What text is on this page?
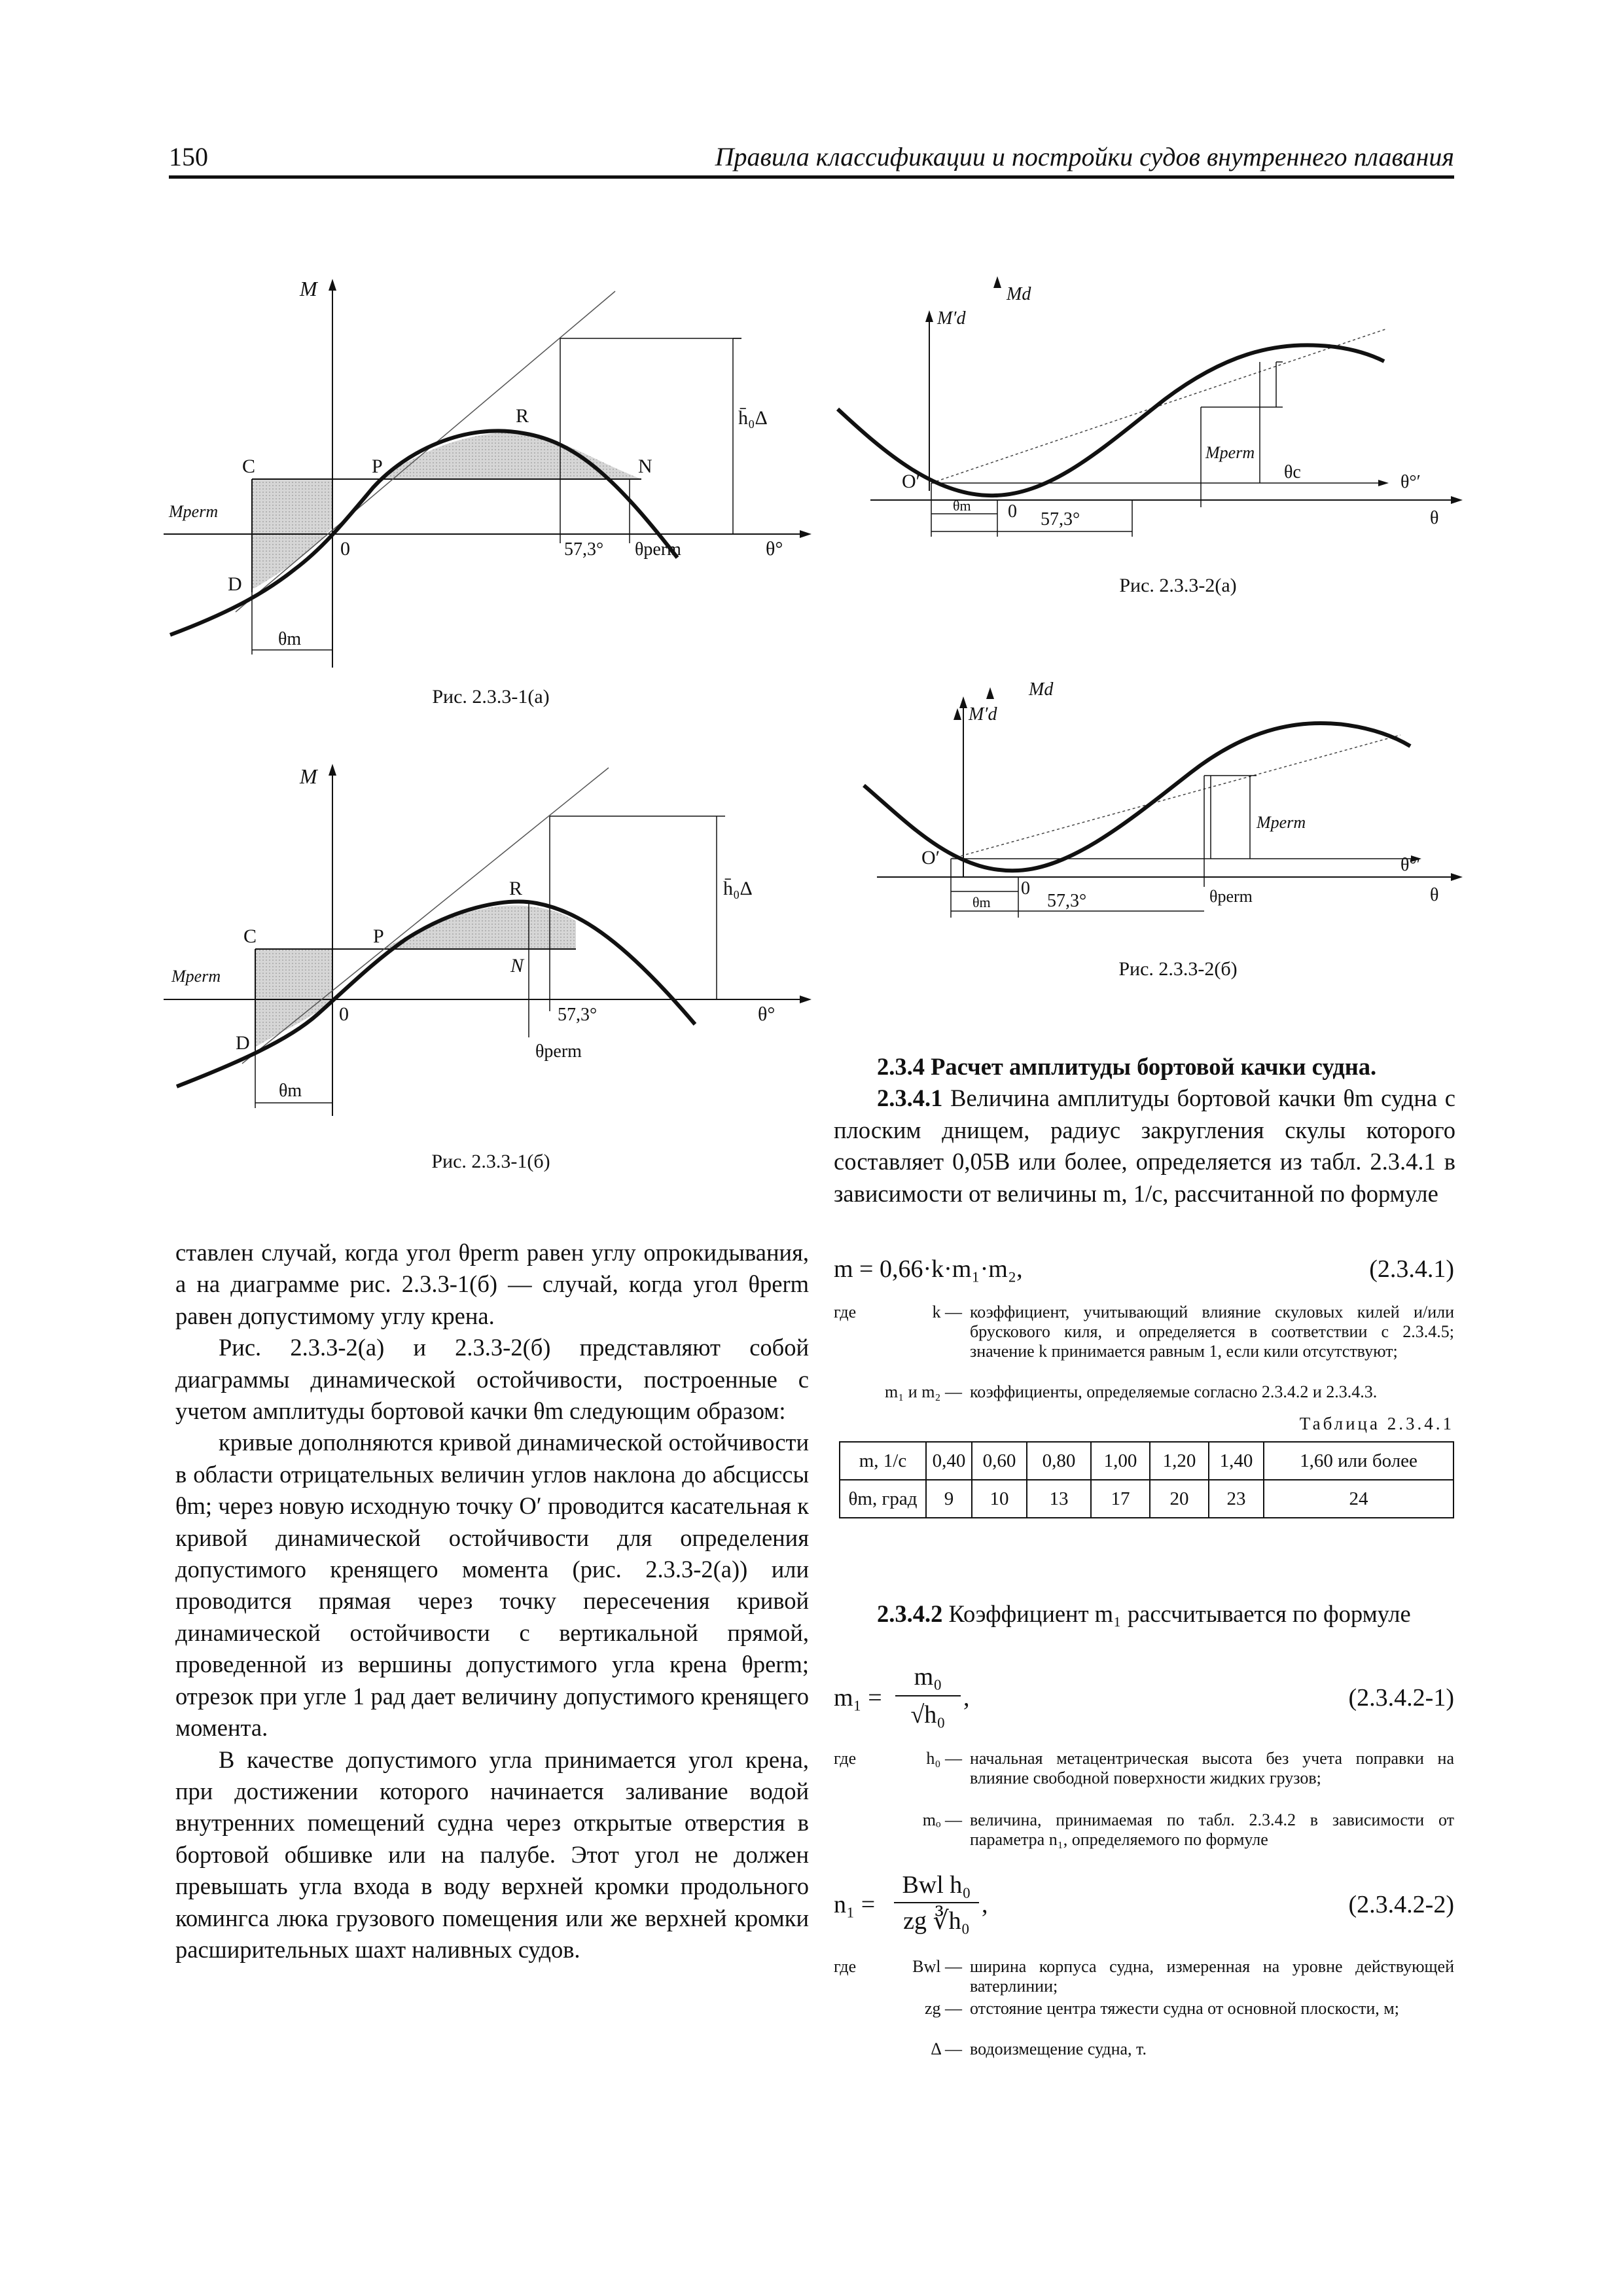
150	Правила классификации и постройки судов внутреннего плавания
M
C	P
R
N
D
0
Mperm
h̄₀Δ
57,3° θperm	θ°
θm
Рис. 2.3.3-1(а)
M
C	P
R
N
D
0
Mperm
h̄₀Δ
57,3°
θperm
θ°
θm
Рис. 2.3.3-1(б)
Md
M′d
O′
Mperm
θc	θ°′
θ
θm 0 57,3°
Рис. 2.3.3-2(а)
Md
M′d
O′
Mperm
θperm
θ°′
θ
θm
0
57,3°
Рис. 2.3.3-2(б)

ставлен случай, когда угол θperm равен углу опрокидывания, а на диаграмме рис. 2.3.3-1(б) — случай, когда угол θperm равен допустимому углу крена.

Рис. 2.3.3-2(а) и 2.3.3-2(б) представляют собой диаграммы динамической остойчивости, построенные с учетом амплитуды бортовой качки θm следующим образом:

кривые дополняются кривой динамической остойчивости в области отрицательных величин углов наклона до абсциссы θm; через новую исходную точку O′ проводится касательная к кривой динамической остойчивости для определения допустимого кренящего момента (рис. 2.3.3-2(а)) или проводится прямая через точку пересечения кривой динамической остойчивости с вертикальной прямой, проведенной из вершины допустимого угла крена θperm; отрезок при угле 1 рад дает величину допустимого кренящего момента.

В качестве допустимого угла принимается угол крена, при достижении которого начинается заливание водой внутренних помещений судна через открытые отверстия в бортовой обшивке или на палубе. Этот угол не должен превышать угла входа в воду верхней кромки продольного комингса люка грузового помещения или же верхней кромки расширительных шахт наливных судов.

2.3.4 Расчет амплитуды бортовой качки судна.

2.3.4.1 Величина амплитуды бортовой качки θm судна с плоским днищем, радиус закругления скулы которого составляет 0,05B или более, определяется из табл. 2.3.4.1 в зависимости от величины m, 1/с, рассчитанной по формуле

m = 0,66·k·m₁·m₂,	(2.3.4.1)
где	k — коэффициент, учитывающий влияние скуловых килей и/или брускового киля, и определяется в соответствии с 2.3.4.5; значение k принимается равным 1, если кили отсутствуют;
m₁ и m₂ — коэффициенты, определяемые согласно 2.3.4.2 и 2.3.4.3.
Таблица 2.3.4.1
m, 1/с	0,40	0,60	0,80	1,00	1,20	1,40	1,60 или более
θm, град	9	10	13	17	20	23	24

2.3.4.2 Коэффициент m₁ рассчитывается по формуле

m₁ =
m₀
√h₀
,	(2.3.4.2-1)
где	h₀ — начальная метацентрическая высота без учета поправки на влияние свободной поверхности жидких грузов;
mₒ — величина, принимаемая по табл. 2.3.4.2 в зависимости от параметра n₁, определяемого по формуле
n₁ =
Bwl h₀
zg ∛h₀
,	(2.3.4.2-2)
где	Bwl — ширина корпуса судна, измеренная на уровне действующей ватерлинии;
zg — отстояние центра тяжести судна от основной плоскости, м;
Δ — водоизмещение судна, т.
